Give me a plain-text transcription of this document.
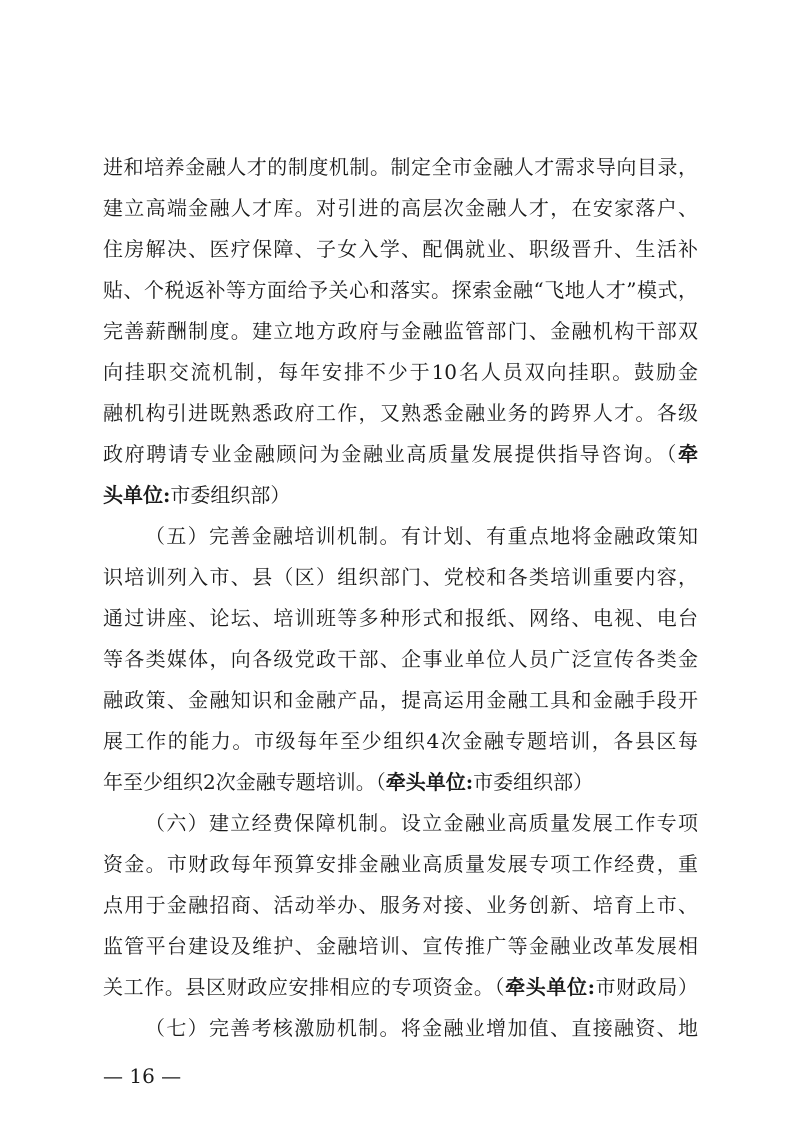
进和培养金融人才的制度机制。制定全市金融人才需求导向目录，
建立高端金融人才库。对引进的高层次金融人才，在安家落户、
住房解决、医疗保障、子女入学、配偶就业、职级晋升、生活补
贴、个税返补等方面给予关心和落实。探索金融“飞地人才”模式，
完善薪酬制度。建立地方政府与金融监管部门、金融机构干部双
向挂职交流机制，每年安排不少于10名人员双向挂职。鼓励金
融机构引进既熟悉政府工作，又熟悉金融业务的跨界人才。各级
政府聘请专业金融顾问为金融业高质量发展提供指导咨询。（牵
头单位:市委组织部）
（五）完善金融培训机制。有计划、有重点地将金融政策知
识培训列入市、县（区）组织部门、党校和各类培训重要内容，
通过讲座、论坛、培训班等多种形式和报纸、网络、电视、电台
等各类媒体，向各级党政干部、企事业单位人员广泛宣传各类金
融政策、金融知识和金融产品，提高运用金融工具和金融手段开
展工作的能力。市级每年至少组织4次金融专题培训，各县区每
年至少组织2次金融专题培训。（牵头单位:市委组织部）
（六）建立经费保障机制。设立金融业高质量发展工作专项
资金。市财政每年预算安排金融业高质量发展专项工作经费，重
点用于金融招商、活动举办、服务对接、业务创新、培育上市、
监管平台建设及维护、金融培训、宣传推广等金融业改革发展相
关工作。县区财政应安排相应的专项资金。（牵头单位:市财政局）
— 16 —
（七）完善考核激励机制。将金融业增加值、直接融资、地
